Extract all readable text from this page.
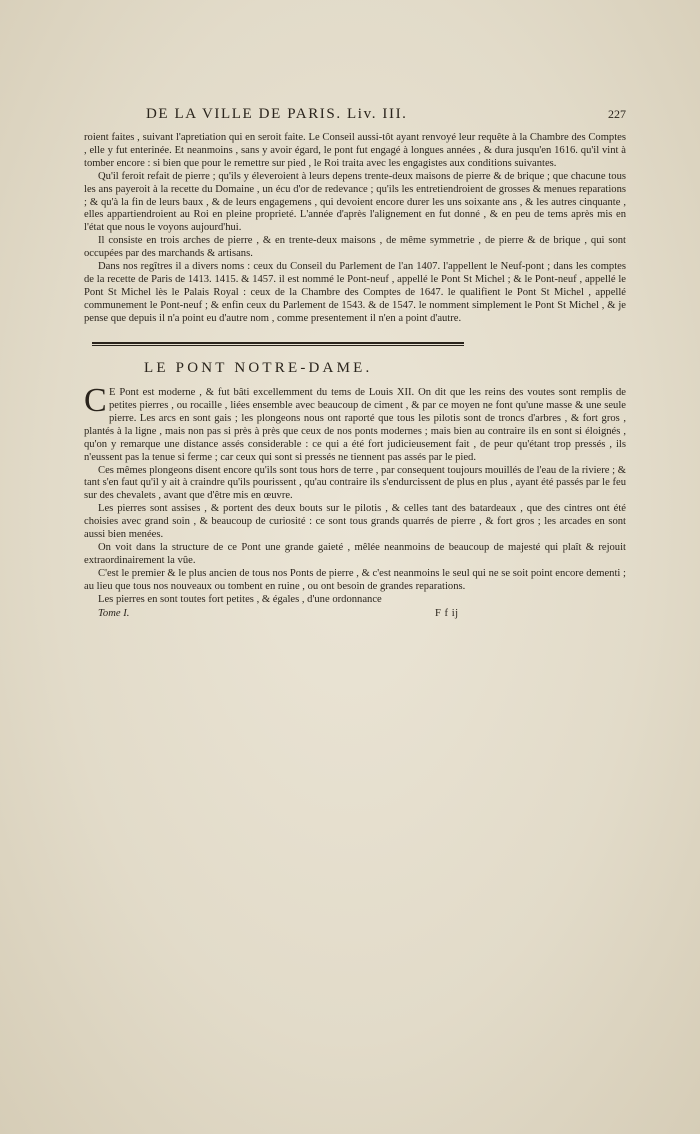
DE LA VILLE DE PARIS. Liv. III.	227

roient faites , suivant l'apretiation qui en seroit faite. Le Conseil aussi-tôt ayant renvoyé leur requête à la Chambre des Comptes , elle y fut enterinée. Et neanmoins , sans y avoir égard, le pont fut engagé à longues années , & dura jusqu'en 1616. qu'il vint à tomber encore : si bien que pour le remettre sur pied , le Roi traita avec les engagistes aux conditions suivantes.

Qu'il feroit refait de pierre ; qu'ils y éleveroient à leurs depens trente-deux maisons de pierre & de brique ; que chacune tous les ans payeroit à la recette du Domaine , un écu d'or de redevance ; qu'ils les entretiendroient de grosses & menues reparations ; & qu'à la fin de leurs baux , & de leurs engagemens , qui devoient encore durer les uns soixante ans , & les autres cinquante , elles appartiendroient au Roi en pleine proprieté. L'année d'après l'alignement en fut donné , & en peu de tems après mis en l'état que nous le voyons aujourd'hui.

Il consiste en trois arches de pierre , & en trente-deux maisons , de même symmetrie , de pierre & de brique , qui sont occupées par des marchands & artisans.

Dans nos regîtres il a divers noms : ceux du Conseil du Parlement de l'an 1407. l'appellent le Neuf-pont ; dans les comptes de la recette de Paris de 1413. 1415. & 1457. il est nommé le Pont-neuf , appellé le Pont St Michel ; & le Pont-neuf , appellé le Pont St Michel lès le Palais Royal : ceux de la Chambre des Comptes de 1647. le qualifient le Pont St Michel , appellé communement le Pont-neuf ; & enfin ceux du Parlement de 1543. & de 1547. le nomment simplement le Pont St Michel , & je pense que depuis il n'a point eu d'autre nom , comme presentement il n'en a point d'autre.

LE PONT NOTRE-DAME.

C E Pont est moderne , & fut bâti excellemment du tems de Louis XII. On dit que les reins des voutes sont remplis de petites pierres , ou rocaille , liées ensemble avec beaucoup de ciment , & par ce moyen ne font qu'une masse & une seule pierre. Les arcs en sont gais ; les plongeons nous ont raporté que tous les pilotis sont de troncs d'arbres , & fort gros , plantés à la ligne , mais non pas si près à près que ceux de nos ponts modernes ; mais bien au contraire ils en sont si éloignés , qu'on y remarque une distance assés considerable : ce qui a été fort judicieusement fait , de peur qu'étant trop pressés , ils n'eussent pas la tenue si ferme ; car ceux qui sont si pressés ne tiennent pas assés par le pied.

Ces mêmes plongeons disent encore qu'ils sont tous hors de terre , par consequent toujours mouillés de l'eau de la riviere ; & tant s'en faut qu'il y ait à craindre qu'ils pourissent , qu'au contraire ils s'endurcissent de plus en plus , ayant été passés par le feu sur des chevalets , avant que d'être mis en œuvre.

Les pierres sont assises , & portent des deux bouts sur le pilotis , & celles tant des batardeaux , que des cintres ont été choisies avec grand soin , & beaucoup de curiosité : ce sont tous grands quarrés de pierre , & fort gros ; les arcades en sont aussi bien menées.

On voit dans la structure de ce Pont une grande gaieté , mêlée neanmoins de beaucoup de majesté qui plaît & rejouit extraordinairement la vûe.

C'est le premier & le plus ancien de tous nos Ponts de pierre , & c'est neanmoins le seul qui ne se soit point encore dementi ; au lieu que tous nos nouveaux ou tombent en ruine , ou ont besoin de grandes reparations.

Les pierres en sont toutes fort petites , & égales , d'une ordonnance

Tome I.	F f ij
